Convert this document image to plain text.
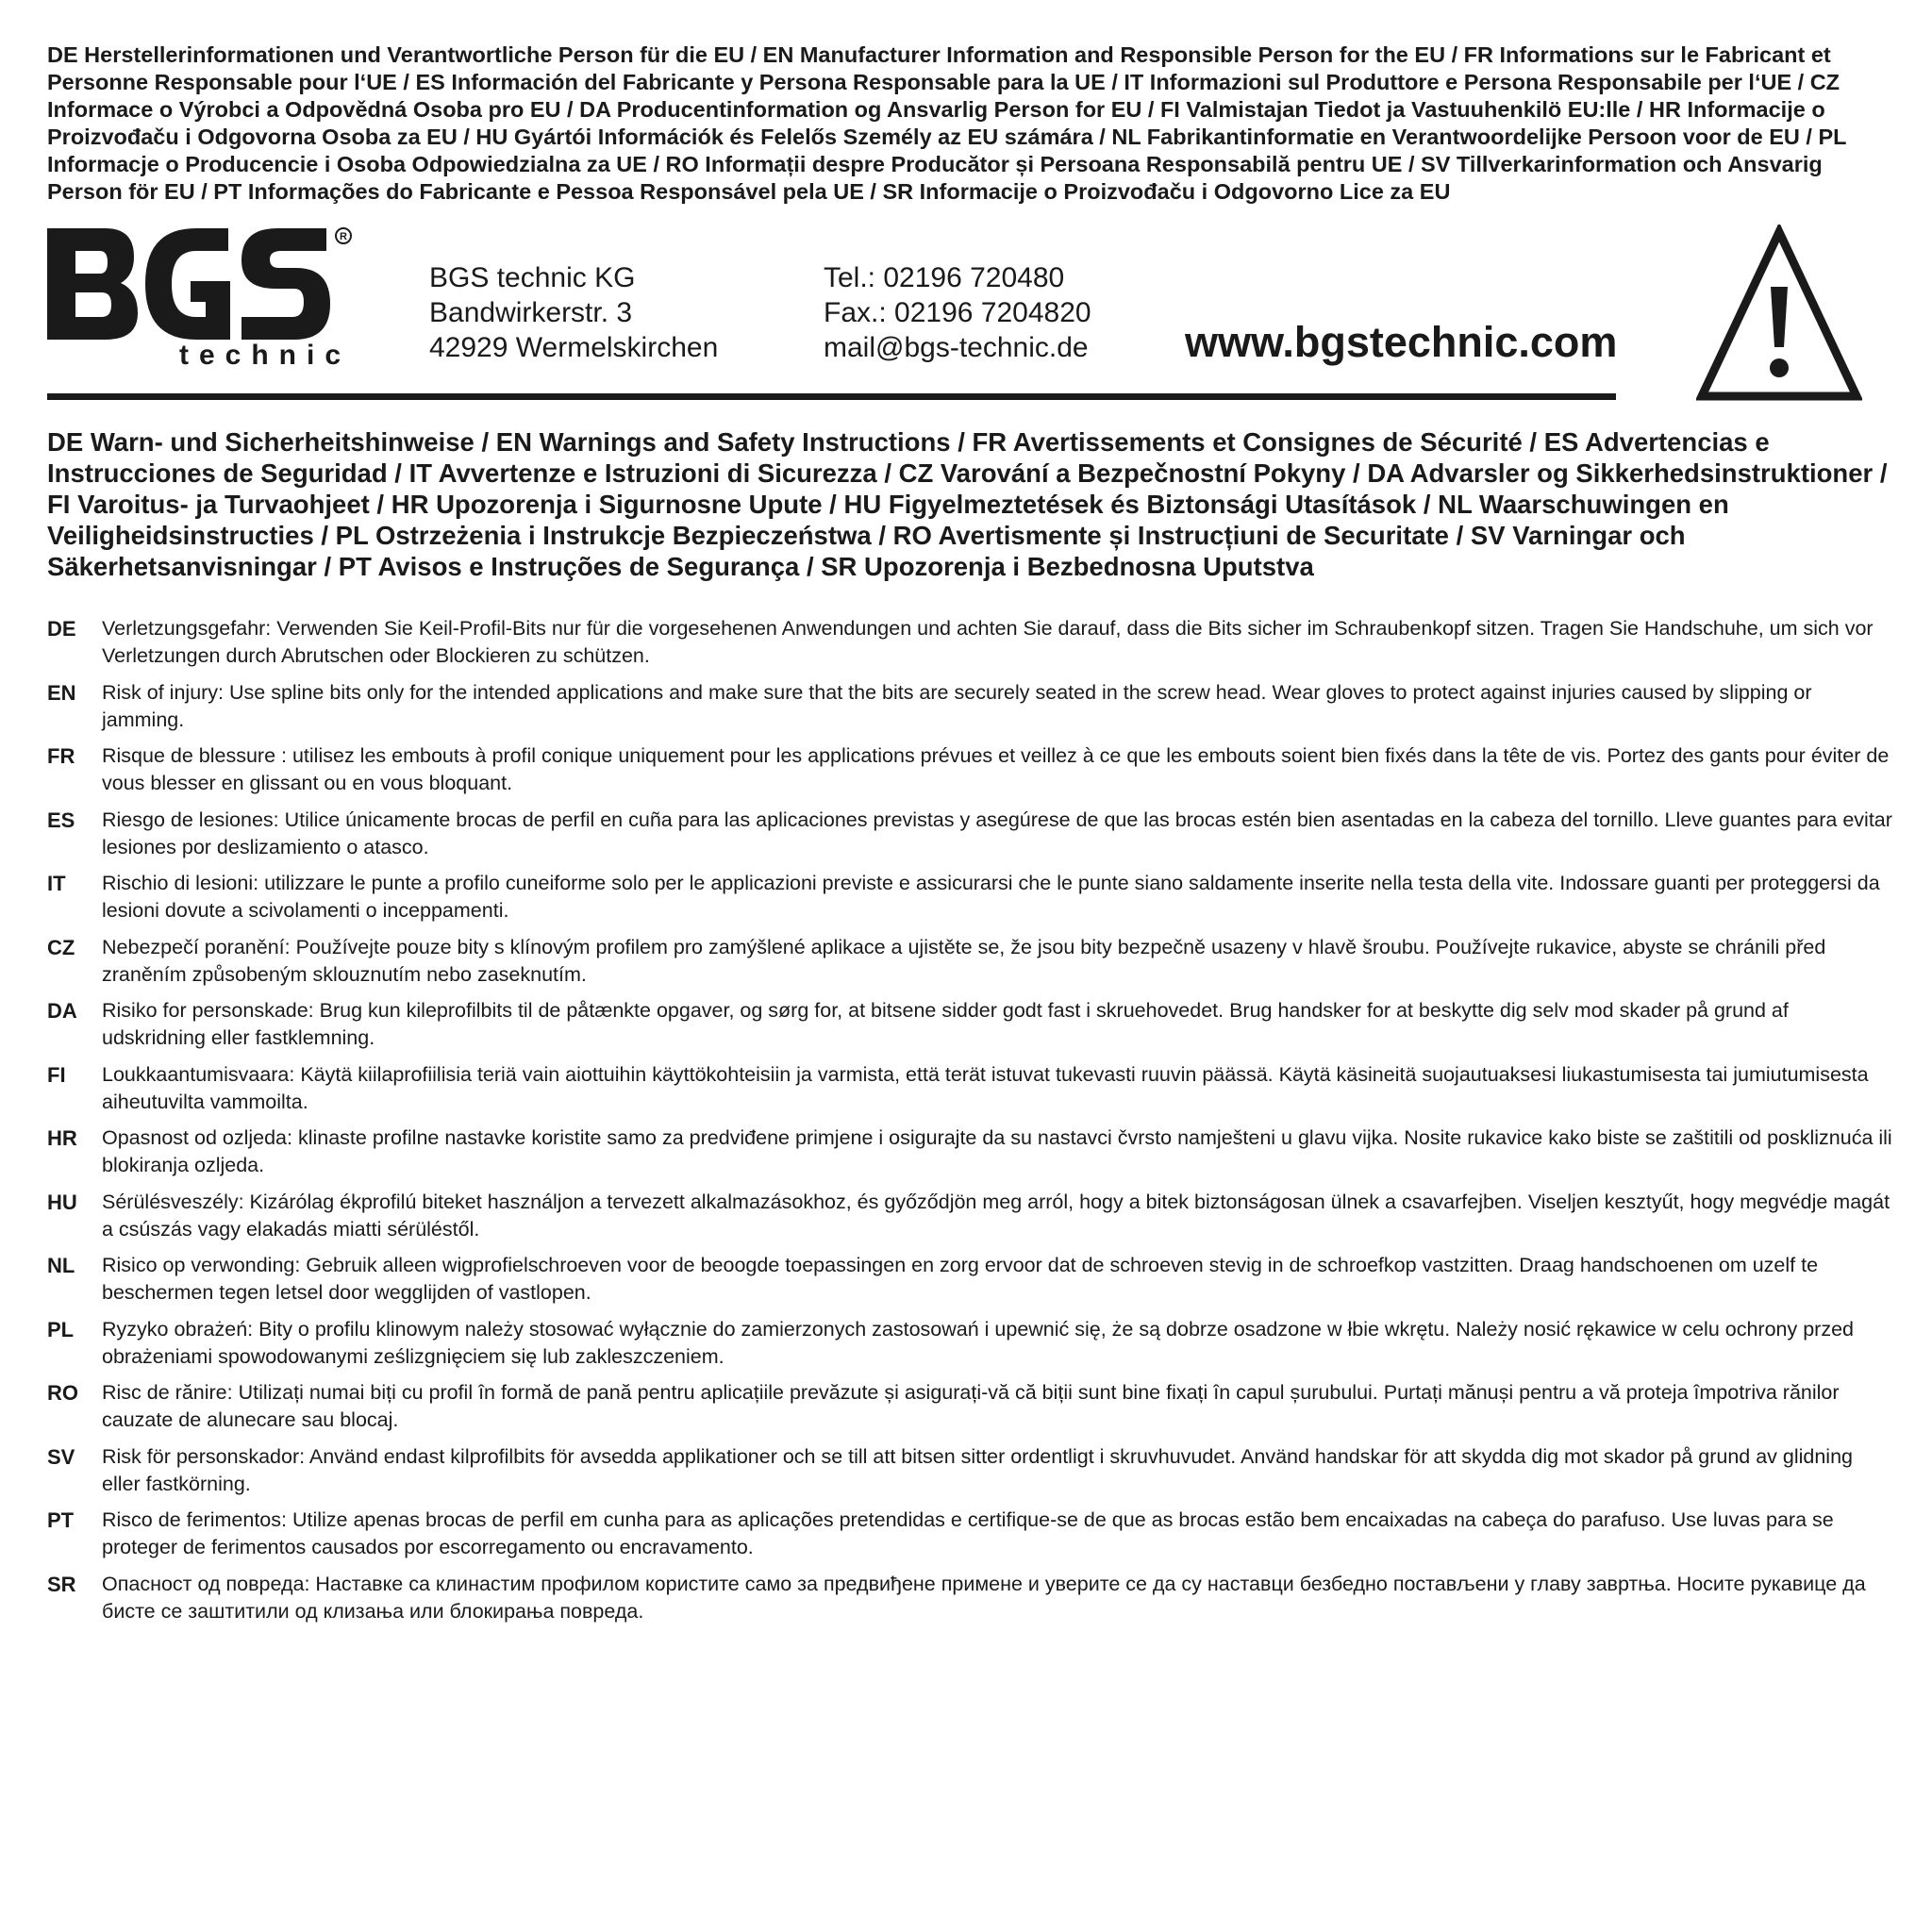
DE Herstellerinformationen und Verantwortliche Person für die EU / EN Manufacturer Information and Responsible Person for the EU / FR Informations sur le Fabricant et Personne Responsable pour l‘UE / ES Información del Fabricante y Persona Responsable para la UE / IT Informazioni sul Produttore e Persona Responsabile per l‘UE / CZ Informace o Výrobci a Odpovědná Osoba pro EU / DA Producentinformation og Ansvarlig Person for EU / FI Valmistajan Tiedot ja Vastuuhenkilö EU:lle / HR Informacije o Proizvođaču i Odgovorna Osoba za EU / HU Gyártói Információk és Felelős Személy az EU számára / NL Fabrikantinformatie en Verantwoordelijke Persoon voor de EU / PL Informacje o Producencie i Osoba Odpowiedzialna za UE / RO Informații despre Producător și Persoana Responsabilă pentru UE / SV Tillverkarinformation och Ansvarig Person för EU / PT Informações do Fabricante e Pessoa Responsável pela UE / SR Informacije o Proizvođaču i Odgovorno Lice za EU
R
technic
BGS technic KG
Bandwirkerstr. 3
42929 Wermelskirchen
Tel.: 02196 720480
Fax.: 02196 7204820
mail@bgs-technic.de www.bgstechnic.com
DE Warn- und Sicherheitshinweise / EN Warnings and Safety Instructions / FR Avertissements et Consignes de Sécurité / ES Advertencias e Instrucciones de Seguridad / IT Avvertenze e Istruzioni di Sicurezza / CZ Varování a Bezpečnostní Pokyny / DA Advarsler og Sikkerhedsinstruktioner / FI Varoitus- ja Turvaohjeet / HR Upozorenja i Sigurnosne Upute / HU Figyelmeztetések és Biztonsági Utasítások / NL Waarschuwingen en Veiligheidsinstructies / PL Ostrzeżenia i Instrukcje Bezpieczeństwa / RO Avertismente și Instrucțiuni de Securitate / SV Varningar och Säkerhetsanvisningar / PT Avisos e Instruções de Segurança / SR Upozorenja i Bezbednosna Uputstva
DE	Verletzungsgefahr: Verwenden Sie Keil-Profil-Bits nur für die vorgesehenen Anwendungen und achten Sie darauf, dass die Bits sicher im Schraubenkopf sitzen. Tragen Sie Handschuhe, um sich vor Verletzungen durch Abrutschen oder Blockieren zu schützen.
EN	Risk of injury: Use spline bits only for the intended applications and make sure that the bits are securely seated in the screw head. Wear gloves to protect against injuries caused by slipping or jamming.
FR	Risque de blessure : utilisez les embouts à profil conique uniquement pour les applications prévues et veillez à ce que les embouts soient bien fixés dans la tête de vis. Portez des gants pour éviter de vous blesser en glissant ou en vous bloquant.
ES	Riesgo de lesiones: Utilice únicamente brocas de perfil en cuña para las aplicaciones previstas y asegúrese de que las brocas estén bien asentadas en la cabeza del tornillo. Lleve guantes para evitar lesiones por deslizamiento o atasco.
IT	Rischio di lesioni: utilizzare le punte a profilo cuneiforme solo per le applicazioni previste e assicurarsi che le punte siano saldamente inserite nella testa della vite. Indossare guanti per proteggersi da lesioni dovute a scivolamenti o inceppamenti.
CZ	Nebezpečí poranění: Používejte pouze bity s klínovým profilem pro zamýšlené aplikace a ujistěte se, že jsou bity bezpečně usazeny v hlavě šroubu. Používejte rukavice, abyste se chránili před zraněním způsobeným sklouznutím nebo zaseknutím.
DA	Risiko for personskade: Brug kun kileprofilbits til de påtænkte opgaver, og sørg for, at bitsene sidder godt fast i skruehovedet. Brug handsker for at beskytte dig selv mod skader på grund af udskridning eller fastklemning.
FI	Loukkaantumisvaara: Käytä kiilaprofiilisia teriä vain aiottuihin käyttökohteisiin ja varmista, että terät istuvat tukevasti ruuvin päässä. Käytä käsineitä suojautuaksesi liukastumisesta tai jumiutumisesta aiheutuvilta vammoilta.
HR	Opasnost od ozljeda: klinaste profilne nastavke koristite samo za predviđene primjene i osigurajte da su nastavci čvrsto namješteni u glavu vijka. Nosite rukavice kako biste se zaštitili od poskliznuća ili blokiranja ozljeda.
HU	Sérülésveszély: Kizárólag ékprofilú biteket használjon a tervezett alkalmazásokhoz, és győződjön meg arról, hogy a bitek biztonságosan ülnek a csavarfejben. Viseljen kesztyűt, hogy megvédje magát a csúszás vagy elakadás miatti sérüléstől.
NL	Risico op verwonding: Gebruik alleen wigprofielschroeven voor de beoogde toepassingen en zorg ervoor dat de schroeven stevig in de schroefkop vastzitten. Draag handschoenen om uzelf te beschermen tegen letsel door wegglijden of vastlopen.
PL	Ryzyko obrażeń: Bity o profilu klinowym należy stosować wyłącznie do zamierzonych zastosowań i upewnić się, że są dobrze osadzone w łbie wkrętu. Należy nosić rękawice w celu ochrony przed obrażeniami spowodowanymi ześlizgnięciem się lub zakleszczeniem.
RO	Risc de rănire: Utilizați numai biți cu profil în formă de pană pentru aplicațiile prevăzute și asigurați-vă că biții sunt bine fixați în capul șurubului. Purtați mănuși pentru a vă proteja împotriva rănilor cauzate de alunecare sau blocaj.
SV	Risk för personskador: Använd endast kilprofilbits för avsedda applikationer och se till att bitsen sitter ordentligt i skruvhuvudet. Använd handskar för att skydda dig mot skador på grund av glidning eller fastkörning.
PT	Risco de ferimentos: Utilize apenas brocas de perfil em cunha para as aplicações pretendidas e certifique-se de que as brocas estão bem encaixadas na cabeça do parafuso. Use luvas para se proteger de ferimentos causados por escorregamento ou encravamento.
SR	Опасност од повреда: Наставке са клинастим профилом користите само за предвиђене примене и уверите се да су наставци безбедно постављени у главу завртња. Носите рукавице да бисте се заштитили од клизања или блокирања повреда.
